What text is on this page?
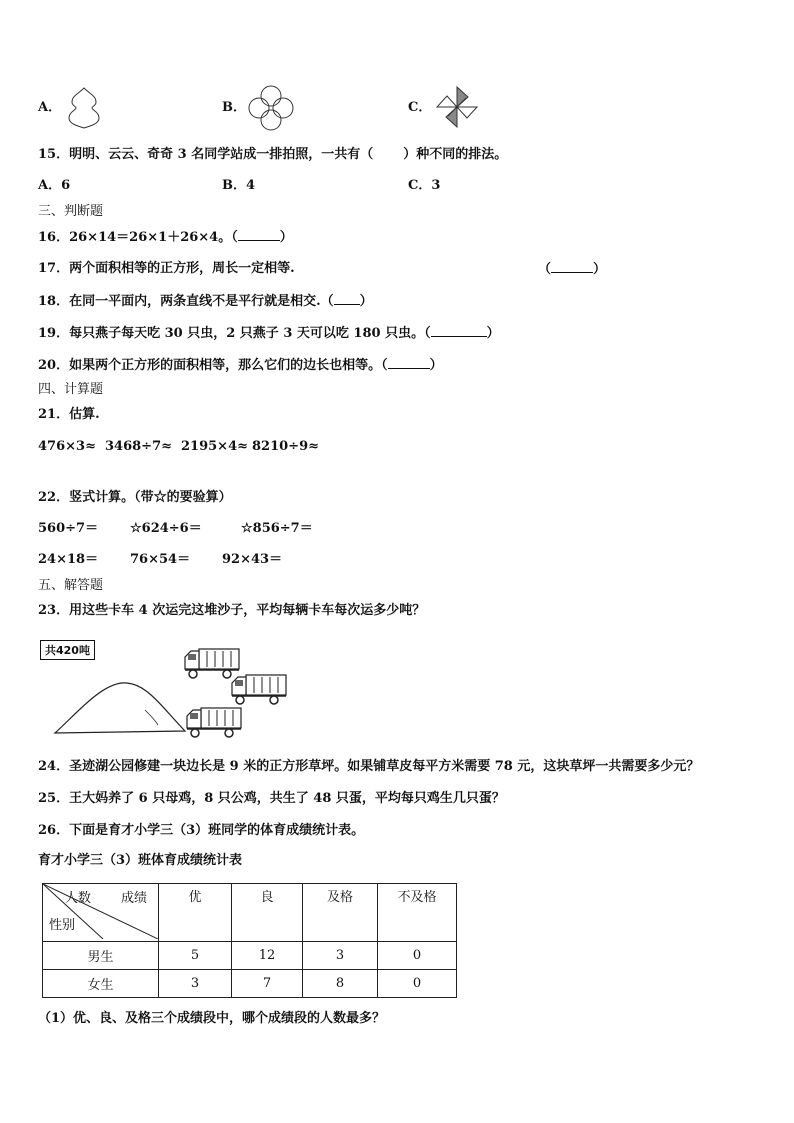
A．	B．	C．
15．明明、云云、奇奇 3 名同学站成一排拍照，一共有（ ）种不同的排法。
A．6	B．4	C．3
三、判断题
16．26×14＝26×1＋26×4。（	）
17．两个面积相等的正方形，周长一定相等.	（	）
18．在同一平面内，两条直线不是平行就是相交.（ ）
19．每只燕子每天吃 30 只虫，2 只燕子 3 天可以吃 180 只虫。（	）
20．如果两个正方形的面积相等，那么它们的边长也相等。（	）
四、计算题
21．估算.
476×3≈ 3468÷7≈ 2195×4≈ 8210÷9≈
22．竖式计算。（带☆的要验算）
560÷7＝ ☆624÷6＝	☆856÷7＝
24×18＝ 76×54＝ 92×43＝
五、解答题
23．用这些卡车 4 次运完这堆沙子，平均每辆卡车每次运多少吨？
共420吨
24．圣迹湖公园修建一块边长是 9 米的正方形草坪。如果铺草皮每平方米需要 78 元，这块草坪一共需要多少元？
25．王大妈养了 6 只母鸡，8 只公鸡，共生了 48 只蛋，平均每只鸡生几只蛋？
26．下面是育才小学三（3）班同学的体育成绩统计表。
育才小学三（3）班体育成绩统计表
人数 成绩
性别	优	良	及格	不及格
男生	5	12	3	0
女生	3	7	8	0
（1）优、良、及格三个成绩段中，哪个成绩段的人数最多？
